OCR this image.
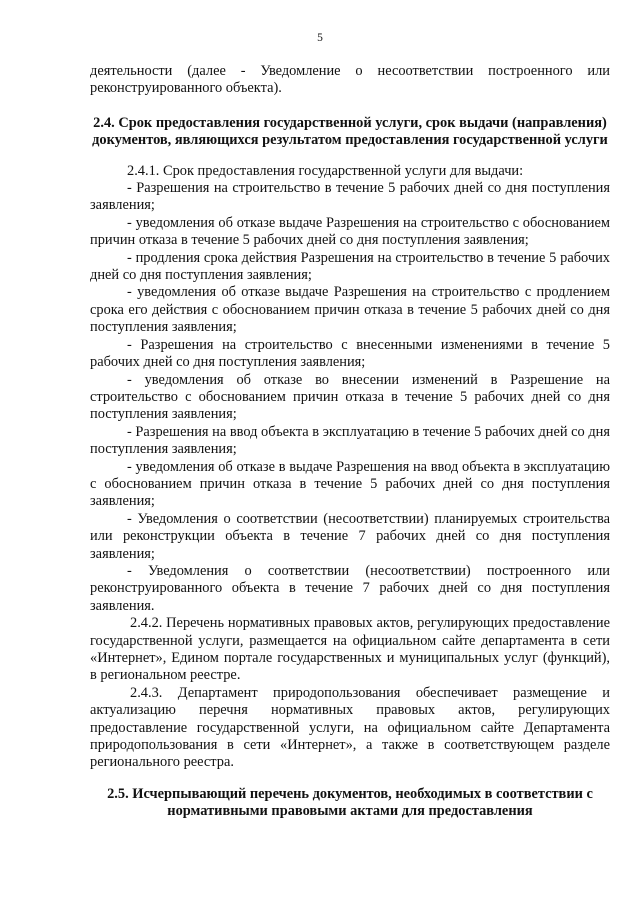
5

деятельности (далее - Уведомление о несоответствии построенного или реконструированного объекта).

2.4. Срок предоставления государственной услуги, срок выдачи (направления) документов, являющихся результатом предоставления государственной услуги

2.4.1. Срок предоставления государственной услуги для выдачи:

- Разрешения на строительство в течение 5 рабочих дней со дня поступления заявления;

- уведомления об отказе выдаче Разрешения на строительство с обоснованием причин отказа в течение 5 рабочих дней со дня поступления заявления;

- продления срока действия Разрешения на строительство в течение 5 рабочих дней со дня поступления заявления;

- уведомления об отказе выдаче Разрешения на строительство с продлением срока его действия с обоснованием причин отказа в течение 5 рабочих дней со дня поступления заявления;

- Разрешения на строительство с внесенными изменениями в течение 5 рабочих дней со дня поступления заявления;

- уведомления об отказе во внесении изменений в Разрешение на строительство с обоснованием причин отказа в течение 5 рабочих дней со дня поступления заявления;

- Разрешения на ввод объекта в эксплуатацию в течение 5 рабочих дней со дня поступления заявления;

- уведомления об отказе в выдаче Разрешения на ввод объекта в эксплуатацию с обоснованием причин отказа в течение 5 рабочих дней со дня поступления заявления;

- Уведомления о соответствии (несоответствии) планируемых строительства или реконструкции объекта в течение 7 рабочих дней со дня поступления заявления;

- Уведомления о соответствии (несоответствии) построенного или реконструированного объекта в течение 7 рабочих дней со дня поступления заявления.

2.4.2. Перечень нормативных правовых актов, регулирующих предоставление государственной услуги, размещается на официальном сайте департамента в сети «Интернет», Едином портале государственных и муниципальных услуг (функций), в региональном реестре.

2.4.3. Департамент природопользования обеспечивает размещение и актуализацию перечня нормативных правовых актов, регулирующих предоставление государственной услуги, на официальном сайте Департамента природопользования в сети «Интернет», а также в соответствующем разделе регионального реестра.

2.5. Исчерпывающий перечень документов, необходимых в соответствии с нормативными правовыми актами для предоставления
